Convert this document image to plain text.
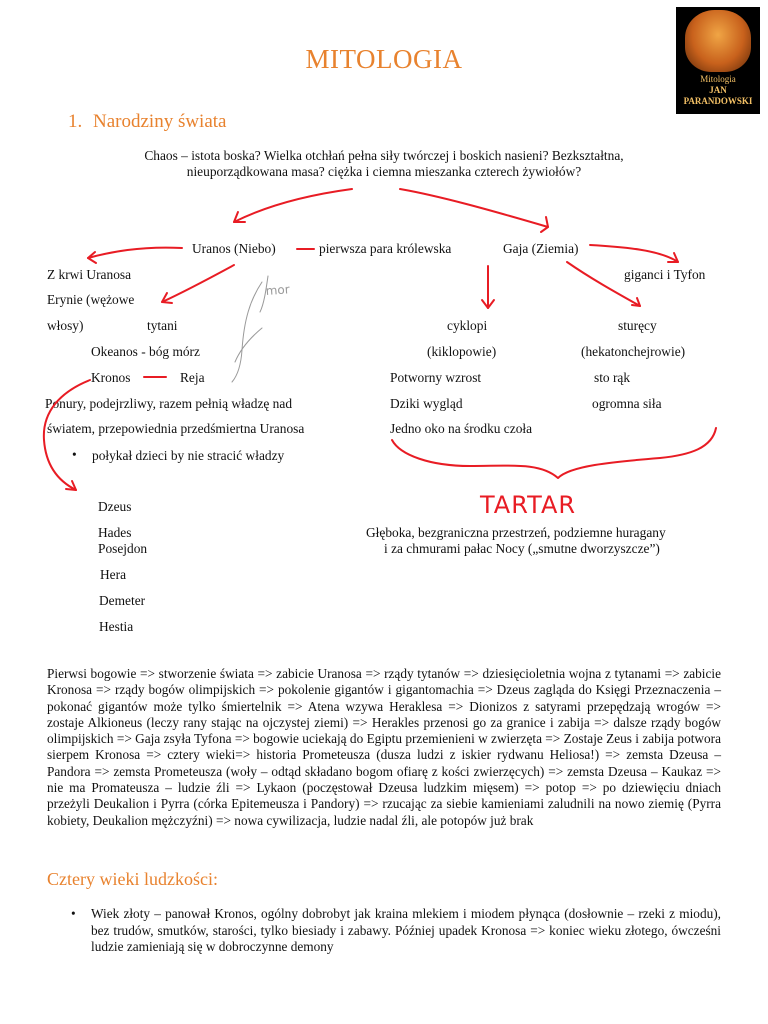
Mitologia
JAN
PARANDOWSKI
MITOLOGIA
1. Narodziny świata
Chaos – istota boska? Wielka otchłań pełna siły twórczej i boskich nasieni? Bezkształtna,
nieuporządkowana masa? ciężka i ciemna mieszanka czterech żywiołów?
Uranos (Niebo)	pierwsza para królewska	Gaja (Ziemia)
Z krwi Uranosa
Erynie (wężowe
włosy)	tytani
Okeanos - bóg mórz
Kronos	Reja
Ponury, podejrzliwy, razem pełnią władzę nad
światem, przepowiednia przedśmiertna Uranosa
• połykał dzieci by nie stracić władzy
Dzeus
Hades
Posejdon
Hera
Demeter
Hestia
cyklopi
(kiklopowie)
Potworny wzrost
Dziki wygląd
Jedno oko na środku czoła
sturęcy
(hekatonchejrowie)
sto rąk
ogromna siła
giganci i Tyfon
Głęboka, bezgraniczna przestrzeń, podziemne huragany
i za chmurami pałac Nocy („smutne dworzyszcze”)
TARTAR
mor
Pierwsi bogowie => stworzenie świata => zabicie Uranosa => rządy tytanów => dziesięcioletnia wojna z tytanami => zabicie Kronosa => rządy bogów olimpijskich => pokolenie gigantów i gigantomachia => Dzeus zagląda do Księgi Przeznaczenia – pokonać gigantów może tylko śmiertelnik => Atena wzywa Heraklesa => Dionizos z satyrami przepędzają wrogów => zostaje Alkioneus (leczy rany stając na ojczystej ziemi) => Herakles przenosi go za granice i zabija => dalsze rządy bogów olimpijskich => Gaja zsyła Tyfona => bogowie uciekają do Egiptu przemienieni w zwierzęta => Zostaje Zeus i zabija potwora sierpem Kronosa => cztery wieki=> historia Prometeusza (dusza ludzi z iskier rydwanu Heliosa!) => zemsta Dzeusa – Pandora => zemsta Prometeusza (woły – odtąd składano bogom ofiarę z kości zwierzęcych) => zemsta Dzeusa – Kaukaz => nie ma Promateusza – ludzie źli => Lykaon (poczęstował Dzeusa ludzkim mięsem) => potop => po dziewięciu dniach przeżyli Deukalion i Pyrra (córka Epitemeusza i Pandory) => rzucając za siebie kamieniami zaludnili na nowo ziemię (Pyrra kobiety, Deukalion mężczyźni) => nowa cywilizacja, ludzie nadal źli, ale potopów już brak
Cztery wieki ludzkości:
• Wiek złoty – panował Kronos, ogólny dobrobyt jak kraina mlekiem i miodem płynąca (dosłownie – rzeki z miodu), bez trudów, smutków, starości, tylko biesiady i zabawy. Później upadek Kronosa => koniec wieku złotego, ówcześni ludzie zamieniają się w dobroczynne demony
